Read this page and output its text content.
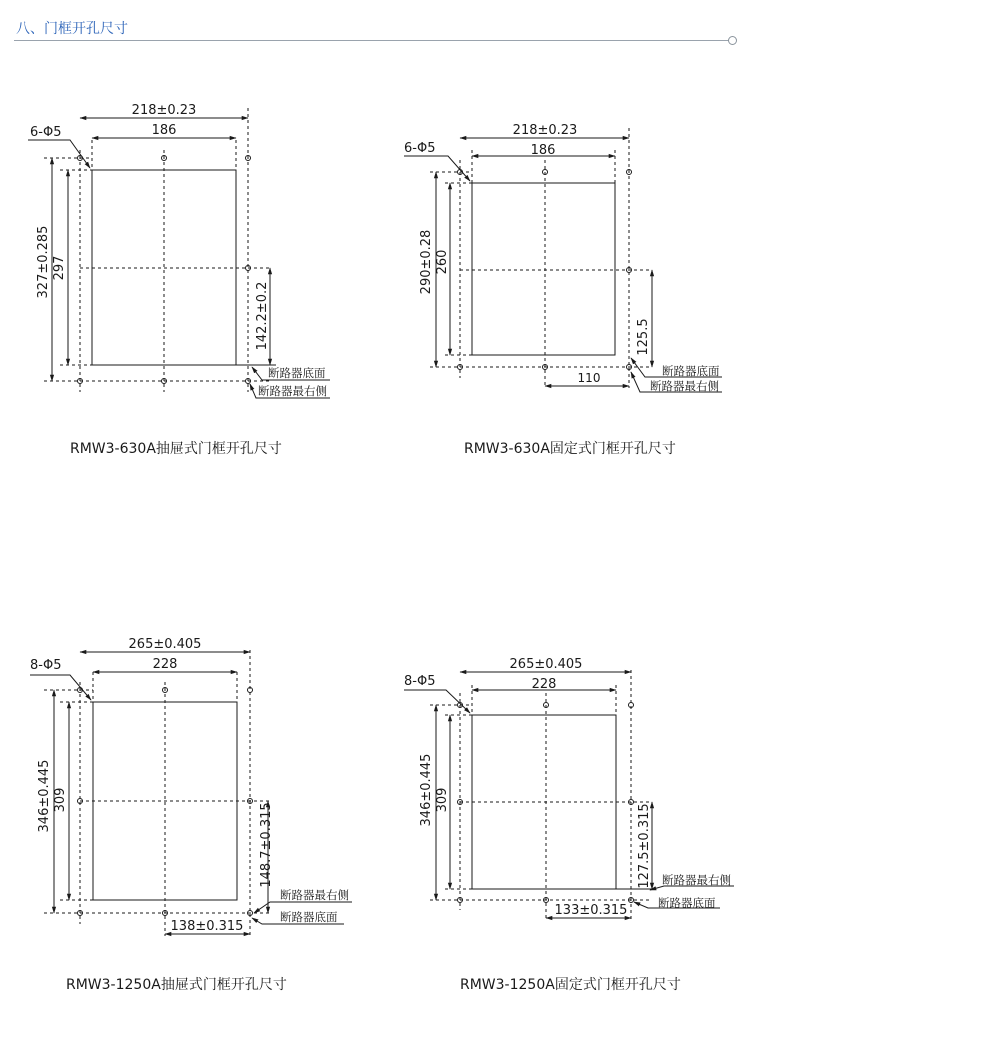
八、门框开孔尺寸
6-Φ5
218±0.23
186
327±0.285 297
142.2±0.2
断路器底面
断路器最右侧
6-Φ5
218±0.23
186
290±0.28 260
125.5
110	断路器底面
断路器最右侧
8-Φ5
265±0.405
228
346±0.445 309
148.7±0.315
138±0.315
断路器最右侧
断路器底面
8-Φ5
265±0.405
228
346±0.445 309
127.5±0.315
133±0.315
断路器最右侧
断路器底面
RMW3-630A抽屉式门框开孔尺寸	RMW3-630A固定式门框开孔尺寸
RMW3-1250A抽屉式门框开孔尺寸	RMW3-1250A固定式门框开孔尺寸
